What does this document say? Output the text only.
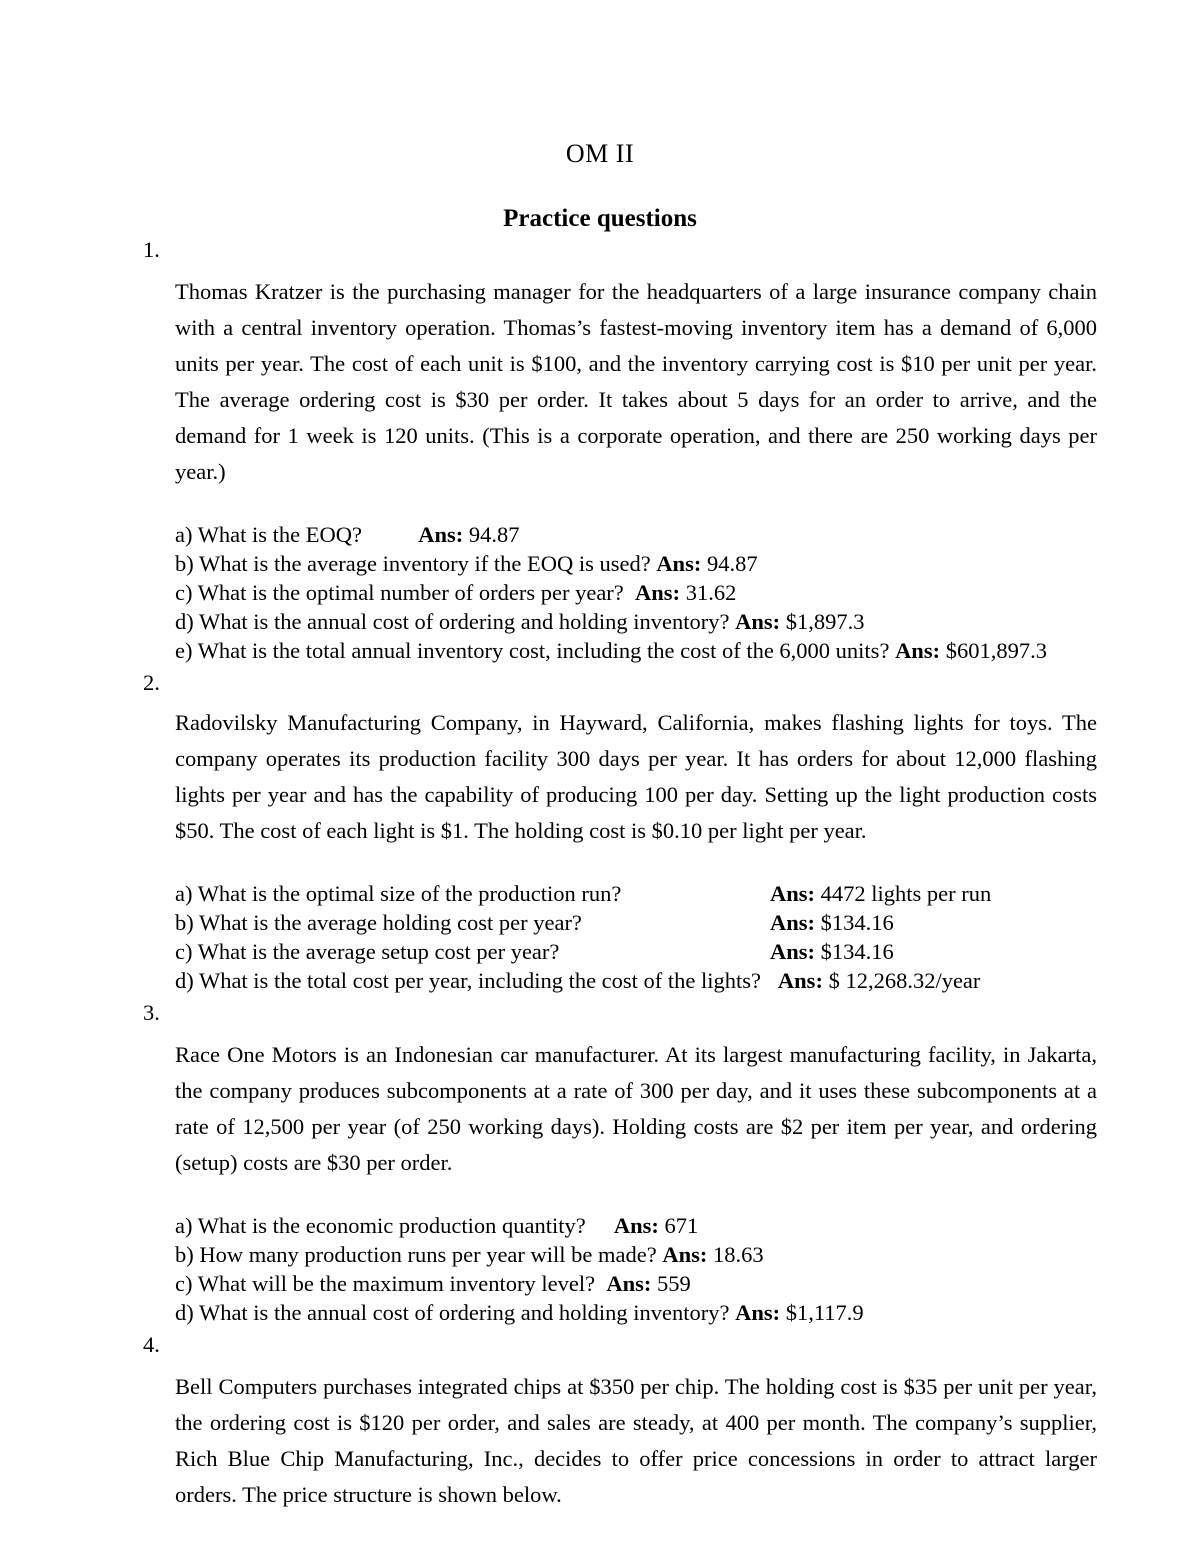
OM II
Practice questions
1.

Thomas Kratzer is the purchasing manager for the headquarters of a large insurance company chain with a central inventory operation. Thomas’s fastest-moving inventory item has a demand of 6,000 units per year. The cost of each unit is $100, and the inventory carrying cost is $10 per unit per year. The average ordering cost is $30 per order. It takes about 5 days for an order to arrive, and the demand for 1 week is 120 units. (This is a corporate operation, and there are 250 working days per year.)

a) What is the EOQ?	Ans: 94.87
b) What is the average inventory if the EOQ is used? Ans: 94.87
c) What is the optimal number of orders per year? Ans: 31.62
d) What is the annual cost of ordering and holding inventory? Ans: $1,897.3
e) What is the total annual inventory cost, including the cost of the 6,000 units? Ans: $601,897.3
2.

Radovilsky Manufacturing Company, in Hayward, California, makes flashing lights for toys. The company operates its production facility 300 days per year. It has orders for about 12,000 flashing lights per year and has the capability of producing 100 per day. Setting up the light production costs $50. The cost of each light is $1. The holding cost is $0.10 per light per year.

a) What is the optimal size of the production run?	Ans: 4472 lights per run
b) What is the average holding cost per year?	Ans: $134.16
c) What is the average setup cost per year?	Ans: $134.16
d) What is the total cost per year, including the cost of the lights? Ans: $ 12,268.32/year
3.

Race One Motors is an Indonesian car manufacturer. At its largest manufacturing facility, in Jakarta, the company produces subcomponents at a rate of 300 per day, and it uses these subcomponents at a rate of 12,500 per year (of 250 working days). Holding costs are $2 per item per year, and ordering (setup) costs are $30 per order.

a) What is the economic production quantity? Ans: 671
b) How many production runs per year will be made? Ans: 18.63
c) What will be the maximum inventory level? Ans: 559
d) What is the annual cost of ordering and holding inventory? Ans: $1,117.9
4.

Bell Computers purchases integrated chips at $350 per chip. The holding cost is $35 per unit per year, the ordering cost is $120 per order, and sales are steady, at 400 per month. The company’s supplier, Rich Blue Chip Manufacturing, Inc., decides to offer price concessions in order to attract larger orders. The price structure is shown below.
